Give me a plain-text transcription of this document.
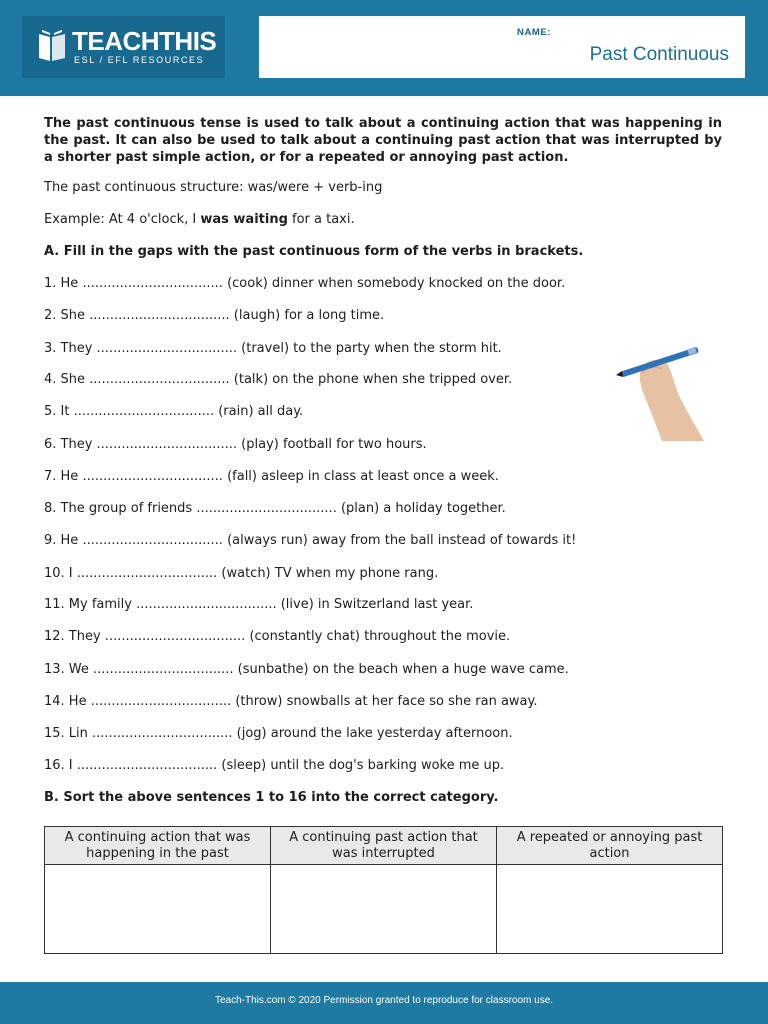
TEACHTHIS
ESL / EFL RESOURCES
NAME:
Past Continuous
The past continuous tense is used to talk about a continuing action that was happening in the past. It can also be used to talk about a continuing past action that was interrupted by a shorter past simple action, or for a repeated or annoying past action.
The past continuous structure: was/were + verb-ing
Example: At 4 o'clock, I was waiting for a taxi.
A. Fill in the gaps with the past continuous form of the verbs in brackets.
1. He .................................. (cook) dinner when somebody knocked on the door.
2. She .................................. (laugh) for a long time.
3. They .................................. (travel) to the party when the storm hit.
4. She .................................. (talk) on the phone when she tripped over.
5. It .................................. (rain) all day.
6. They .................................. (play) football for two hours.
7. He .................................. (fall) asleep in class at least once a week.
8. The group of friends .................................. (plan) a holiday together.
9. He .................................. (always run) away from the ball instead of towards it!
10. I .................................. (watch) TV when my phone rang.
11. My family .................................. (live) in Switzerland last year.
12. They .................................. (constantly chat) throughout the movie.
13. We .................................. (sunbathe) on the beach when a huge wave came.
14. He .................................. (throw) snowballs at her face so she ran away.
15. Lin .................................. (jog) around the lake yesterday afternoon.
16. I .................................. (sleep) until the dog's barking woke me up.
B. Sort the above sentences 1 to 16 into the correct category.
A continuing action that was happening in the past	A continuing past action that was interrupted	A repeated or annoying past action

Teach-This.com © 2020 Permission granted to reproduce for classroom use.
